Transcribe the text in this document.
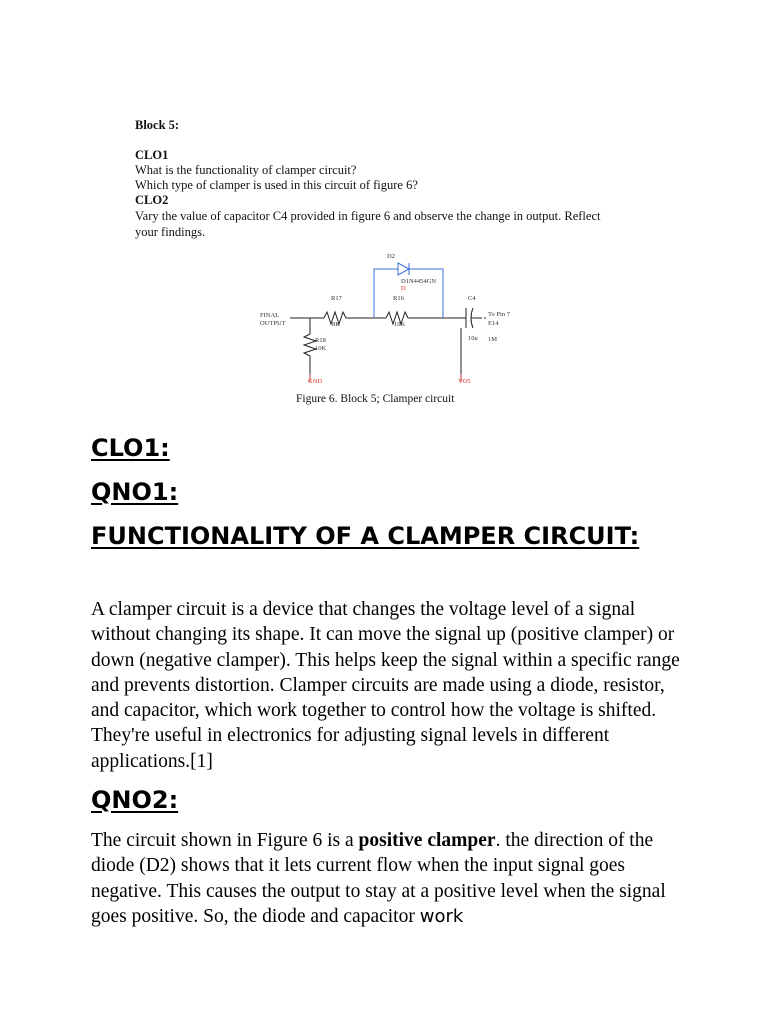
Block 5:
CLO1
What is the functionality of clamper circuit?
Which type of clamper is used in this circuit of figure 6?
CLO2
Vary the value of capacitor C4 provided in figure 6 and observe the change in output. Reflect
your findings.
D2
D1N4454GN
D
R17
8K
R16
10K
C4
FINAL
OUTPUT
To Pin 7
E14
R18
10K
10u 1M
GND	VO5
Figure 6. Block 5; Clamper circuit
CLO1:
QNO1:
FUNCTIONALITY OF A CLAMPER CIRCUIT:

A clamper circuit is a device that changes the voltage level of a signal without changing its shape. It can move the signal up (positive clamper) or down (negative clamper). This helps keep the signal within a specific range and prevents distortion. Clamper circuits are made using a diode, resistor, and capacitor, which work together to control how the voltage is shifted. They're useful in electronics for adjusting signal levels in different applications.[1]

QNO2:

The circuit shown in Figure 6 is a positive clamper. the direction of the diode (D2) shows that it lets current flow when the input signal goes negative. This causes the output to stay at a positive level when the signal goes positive. So, the diode and capacitor work
